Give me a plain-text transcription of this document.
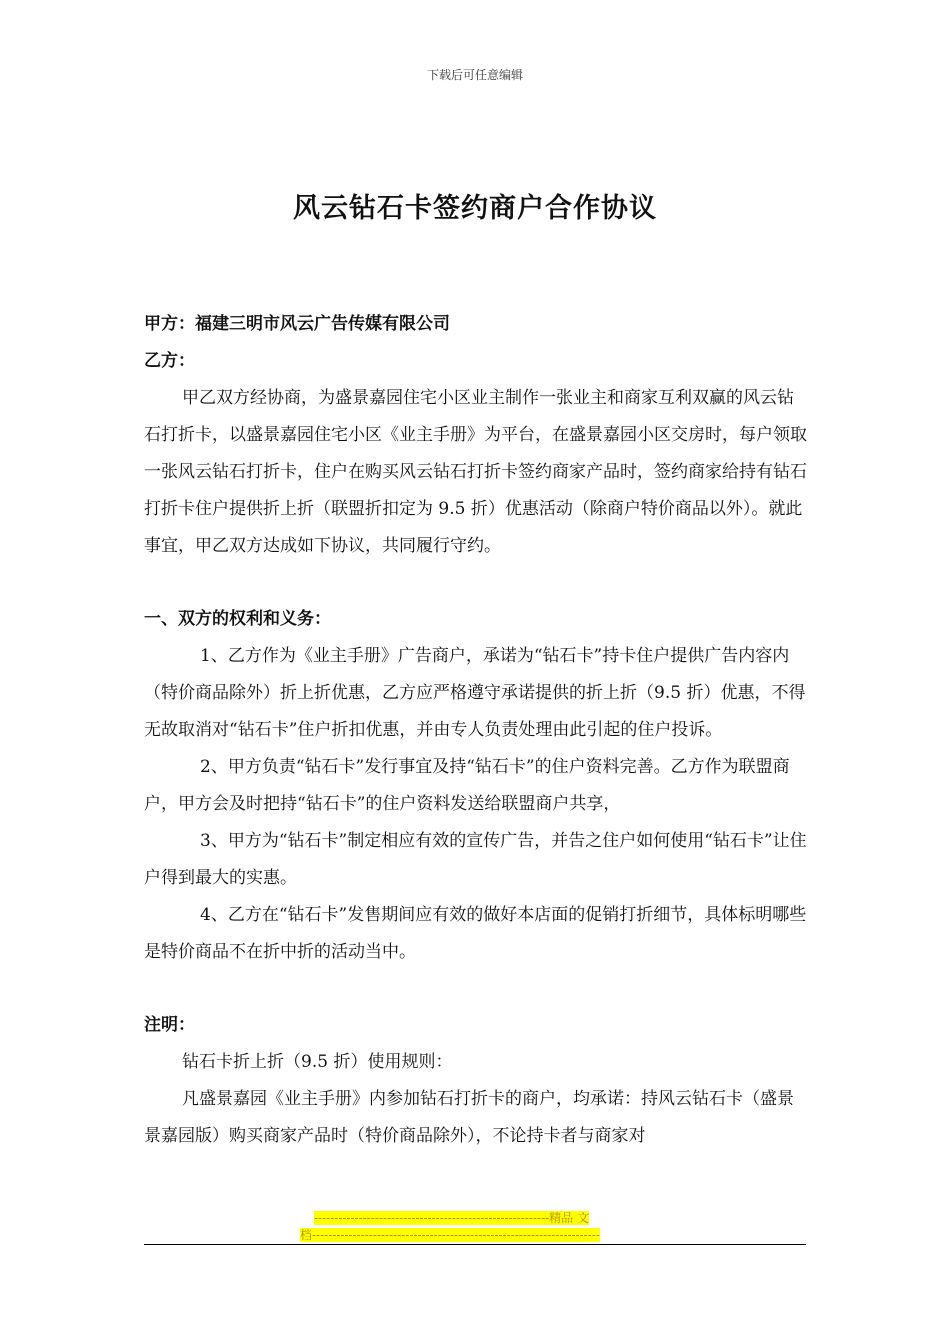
下载后可任意编辑
风云钻石卡签约商户合作协议

甲方：福建三明市风云广告传媒有限公司

乙方：

甲乙双方经协商，为盛景嘉园住宅小区业主制作一张业主和商家互利双赢的风云钻石打折卡，以盛景嘉园住宅小区《业主手册》为平台，在盛景嘉园小区交房时，每户领取一张风云钻石打折卡，住户在购买风云钻石打折卡签约商家产品时，签约商家给持有钻石打折卡住户提供折上折（联盟折扣定为 9.5 折）优惠活动（除商户特价商品以外）。就此事宜，甲乙双方达成如下协议，共同履行守约。

一、双方的权利和义务：

1、乙方作为《业主手册》广告商户，承诺为“钻石卡”持卡住户提供广告内容内（特价商品除外）折上折优惠，乙方应严格遵守承诺提供的折上折（9.5 折）优惠，不得无故取消对“钻石卡”住户折扣优惠，并由专人负责处理由此引起的住户投诉。

2、甲方负责“钻石卡”发行事宜及持“钻石卡”的住户资料完善。乙方作为联盟商户，甲方会及时把持“钻石卡”的住户资料发送给联盟商户共享，

3、甲方为“钻石卡”制定相应有效的宣传广告，并告之住户如何使用“钻石卡”让住户得到最大的实惠。

4、乙方在“钻石卡”发售期间应有效的做好本店面的促销打折细节，具体标明哪些是特价商品不在折中折的活动当中。

注明：

钻石卡折上折（9.5 折）使用规则：

凡盛景嘉园《业主手册》内参加钻石打折卡的商户，均承诺：持风云钻石卡（盛景景嘉园版）购买商家产品时（特价商品除外），不论持卡者与商家对

----------------------------------------------------------精品 文
档-----------------------------------------------------------------------
